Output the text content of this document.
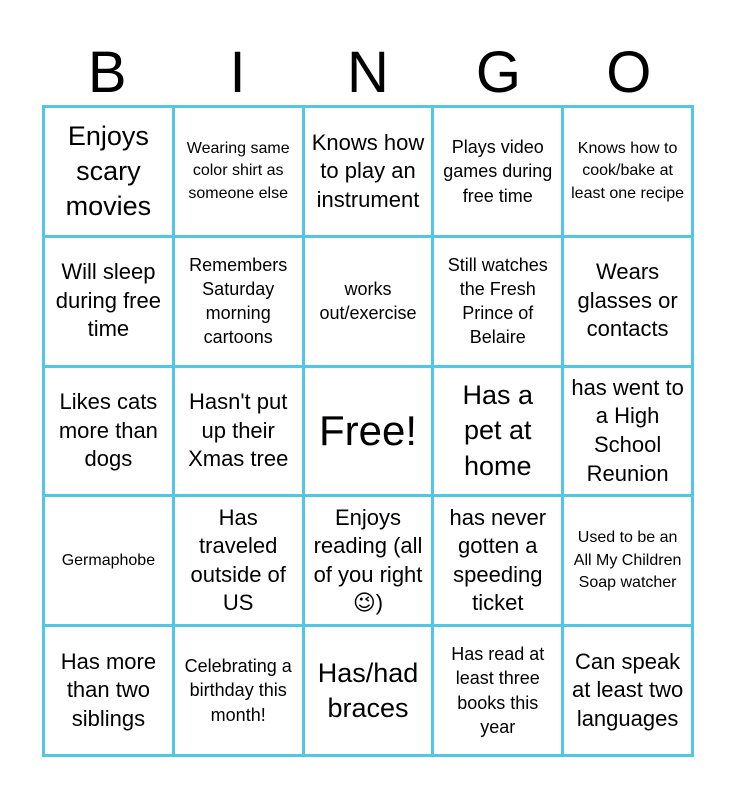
B	I	N	G	O
Enjoys scary movies
Wearing same color shirt as someone else
Knows how to play an instrument
Plays video games during free time
Knows how to cook/bake at least one recipe
Will sleep during free time
Remembers Saturday morning cartoons
works out/exercise
Still watches the Fresh Prince of Belaire
Wears glasses or contacts
Likes cats more than dogs
Hasn't put up their Xmas tree
Free!
Has a pet at home
has went to a High School Reunion
Germaphobe
Has traveled outside of US
Enjoys reading (all of you right 😉)
has never gotten a speeding ticket
Used to be an All My Children Soap watcher
Has more than two siblings
Celebrating a birthday this month!
Has/had braces
Has read at least three books this year
Can speak at least two languages
